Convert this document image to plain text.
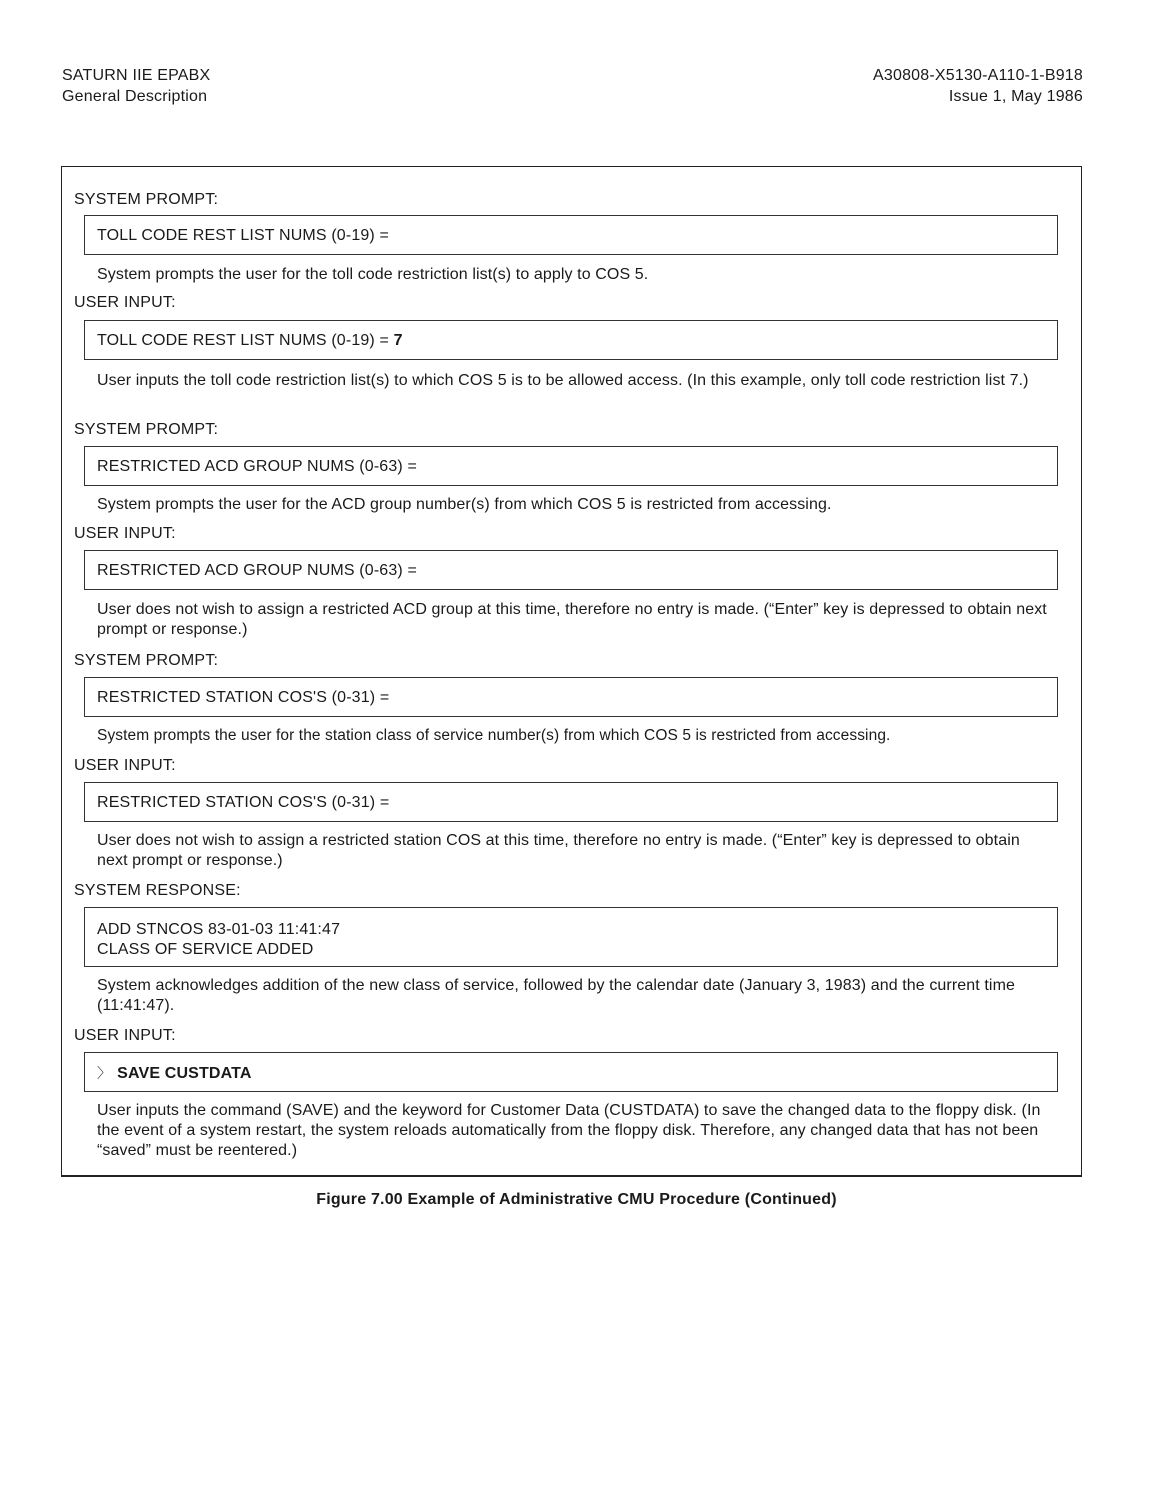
SATURN IIE EPABX
General Description
A30808-X5130-A110-1-B918
Issue 1, May 1986
SYSTEM PROMPT:
TOLL CODE REST LIST NUMS (0-19) =
System prompts the user for the toll code restriction list(s) to apply to COS 5.
USER INPUT:
TOLL CODE REST LIST NUMS (0-19) = 7
User inputs the toll code restriction list(s) to which COS 5 is to be allowed access. (In this example, only toll code restriction list 7.)
SYSTEM PROMPT:
RESTRICTED ACD GROUP NUMS (0-63) =
System prompts the user for the ACD group number(s) from which COS 5 is restricted from accessing.
USER INPUT:
RESTRICTED ACD GROUP NUMS (0-63) =
User does not wish to assign a restricted ACD group at this time, therefore no entry is made. (“Enter” key is depressed to obtain next prompt or response.)
SYSTEM PROMPT:
RESTRICTED STATION COS'S (0-31) =
System prompts the user for the station class of service number(s) from which COS 5 is restricted from accessing.
USER INPUT:
RESTRICTED STATION COS'S (0-31) =
User does not wish to assign a restricted station COS at this time, therefore no entry is made. (“Enter” key is depressed to obtain next prompt or response.)
SYSTEM RESPONSE:
ADD STNCOS 83-01-03 11:41:47
CLASS OF SERVICE ADDED
System acknowledges addition of the new class of service, followed by the calendar date (January 3, 1983) and the current time (11:41:47).
USER INPUT:
〉 SAVE CUSTDATA
User inputs the command (SAVE) and the keyword for Customer Data (CUSTDATA) to save the changed data to the floppy disk. (In the event of a system restart, the system reloads automatically from the floppy disk. Therefore, any changed data that has not been “saved” must be reentered.)
Figure 7.00 Example of Administrative CMU Procedure (Continued)
